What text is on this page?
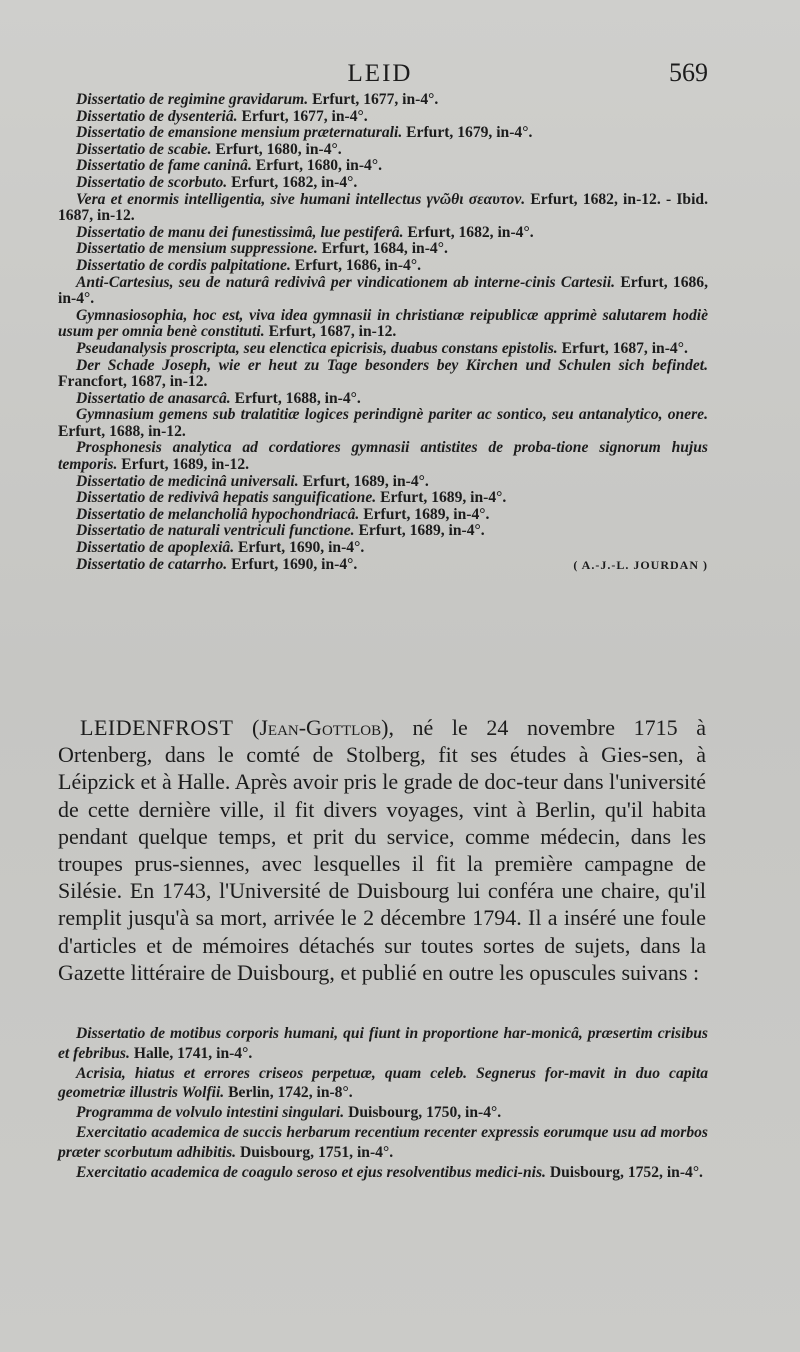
LEID	569

Dissertatio de regimine gravidarum. Erfurt, 1677, in-4°.

Dissertatio de dysenteriâ. Erfurt, 1677, in-4°.

Dissertatio de emansione mensium præternaturali. Erfurt, 1679, in-4°.

Dissertatio de scabie. Erfurt, 1680, in-4°.

Dissertatio de fame caninâ. Erfurt, 1680, in-4°.

Dissertatio de scorbuto. Erfurt, 1682, in-4°.

Vera et enormis intelligentia, sive humani intellectus γνῶθι σεαυτον. Erfurt, 1682, in-12. - Ibid. 1687, in-12.

Dissertatio de manu dei funestissimâ, lue pestiferâ. Erfurt, 1682, in-4°.

Dissertatio de mensium suppressione. Erfurt, 1684, in-4°.

Dissertatio de cordis palpitatione. Erfurt, 1686, in-4°.

Anti-Cartesius, seu de naturâ redivivâ per vindicationem ab interne-cinis Cartesii. Erfurt, 1686, in-4°.

Gymnasiosophia, hoc est, viva idea gymnasii in christianæ reipublicæ apprimè salutarem hodiè usum per omnia benè constituti. Erfurt, 1687, in-12.

Pseudanalysis proscripta, seu elenctica epicrisis, duabus constans epistolis. Erfurt, 1687, in-4°.

Der Schade Joseph, wie er heut zu Tage besonders bey Kirchen und Schulen sich befindet. Francfort, 1687, in-12.

Dissertatio de anasarcâ. Erfurt, 1688, in-4°.

Gymnasium gemens sub tralatitiæ logices perindignè pariter ac sontico, seu antanalytico, onere. Erfurt, 1688, in-12.

Prosphonesis analytica ad cordatiores gymnasii antistites de proba-tione signorum hujus temporis. Erfurt, 1689, in-12.

Dissertatio de medicinâ universali. Erfurt, 1689, in-4°.

Dissertatio de redivivâ hepatis sanguificatione. Erfurt, 1689, in-4°.

Dissertatio de melancholiâ hypochondriacâ. Erfurt, 1689, in-4°.

Dissertatio de naturali ventriculi functione. Erfurt, 1689, in-4°.

Dissertatio de apoplexiâ. Erfurt, 1690, in-4°.

Dissertatio de catarrho. Erfurt, 1690, in-4°.	( A.-J.-L. JOURDAN )

LEIDENFROST (Jean-Gottlob), né le 24 novembre 1715 à Ortenberg, dans le comté de Stolberg, fit ses études à Gies-sen, à Léipzick et à Halle. Après avoir pris le grade de doc-teur dans l'université de cette dernière ville, il fit divers voyages, vint à Berlin, qu'il habita pendant quelque temps, et prit du service, comme médecin, dans les troupes prus-siennes, avec lesquelles il fit la première campagne de Silésie. En 1743, l'Université de Duisbourg lui conféra une chaire, qu'il remplit jusqu'à sa mort, arrivée le 2 décembre 1794. Il a inséré une foule d'articles et de mémoires détachés sur toutes sortes de sujets, dans la Gazette littéraire de Duisbourg, et publié en outre les opuscules suivans :

Dissertatio de motibus corporis humani, qui fiunt in proportione har-monicâ, præsertim crisibus et febribus. Halle, 1741, in-4°.

Acrisia, hiatus et errores criseos perpetuæ, quam celeb. Segnerus for-mavit in duo capita geometriæ illustris Wolfii. Berlin, 1742, in-8°.

Programma de volvulo intestini singulari. Duisbourg, 1750, in-4°.

Exercitatio academica de succis herbarum recentium recenter expressis eorumque usu ad morbos præter scorbutum adhibitis. Duisbourg, 1751, in-4°.

Exercitatio academica de coagulo seroso et ejus resolventibus medici-nis. Duisbourg, 1752, in-4°.
